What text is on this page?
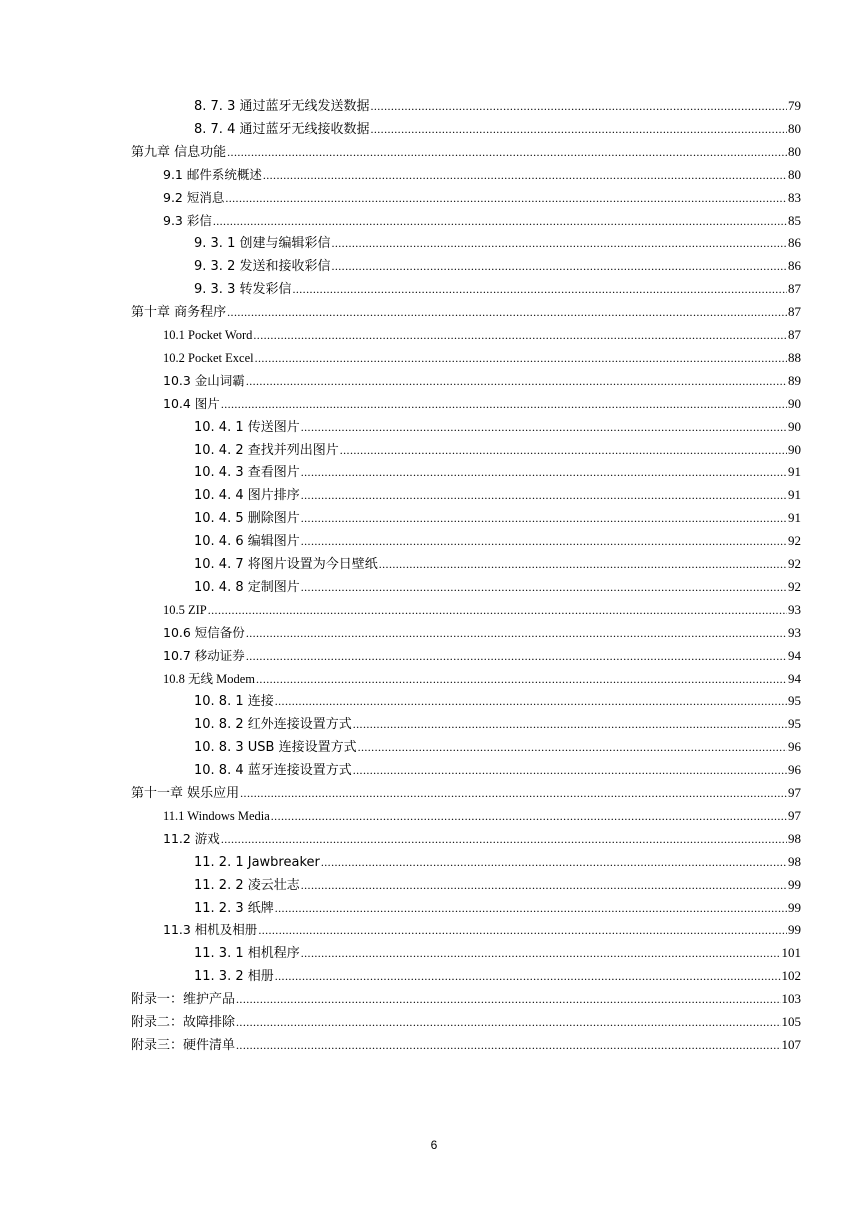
8. 7. 3 通过蓝牙无线发送数据 .....	79
8. 7. 4 通过蓝牙无线接收数据 .....	80
第九章 信息功能 .....	80
9.1 邮件系统概述 .....	80
9.2 短消息 .....	83
9.3 彩信 .....	85
9. 3. 1 创建与编辑彩信 .....	86
9. 3. 2 发送和接收彩信 .....	86
9. 3. 3 转发彩信 .....	87
第十章 商务程序 .....	87
10.1 Pocket Word .....	87
10.2 Pocket Excel .....	88
10.3 金山词霸 .....	89
10.4 图片 .....	90
10. 4. 1 传送图片 .....	90
10. 4. 2 查找并列出图片 .....	90
10. 4. 3 查看图片 .....	91
10. 4. 4 图片排序 .....	91
10. 4. 5 删除图片 .....	91
10. 4. 6 编辑图片 .....	92
10. 4. 7 将图片设置为今日壁纸 .....	92
10. 4. 8 定制图片 .....	92
10.5 ZIP .....	93
10.6 短信备份 .....	93
10.7 移动证券 .....	94
10.8 无线 Modem .....	94
10. 8. 1 连接 .....	95
10. 8. 2 红外连接设置方式 .....	95
10. 8. 3 USB 连接设置方式 .....	96
10. 8. 4 蓝牙连接设置方式 .....	96
第十一章 娱乐应用 .....	97
11.1 Windows Media .....	97
11.2 游戏 .....	98
11. 2. 1 Jawbreaker .....	98
11. 2. 2 凌云壮志 .....	99
11. 2. 3 纸牌 .....	99
11.3 相机及相册 .....	99
11. 3. 1 相机程序 .....	101
11. 3. 2 相册 .....	102
附录一：维护产品 .....	103
附录二：故障排除 .....	105
附录三：硬件清单 .....	107
6
